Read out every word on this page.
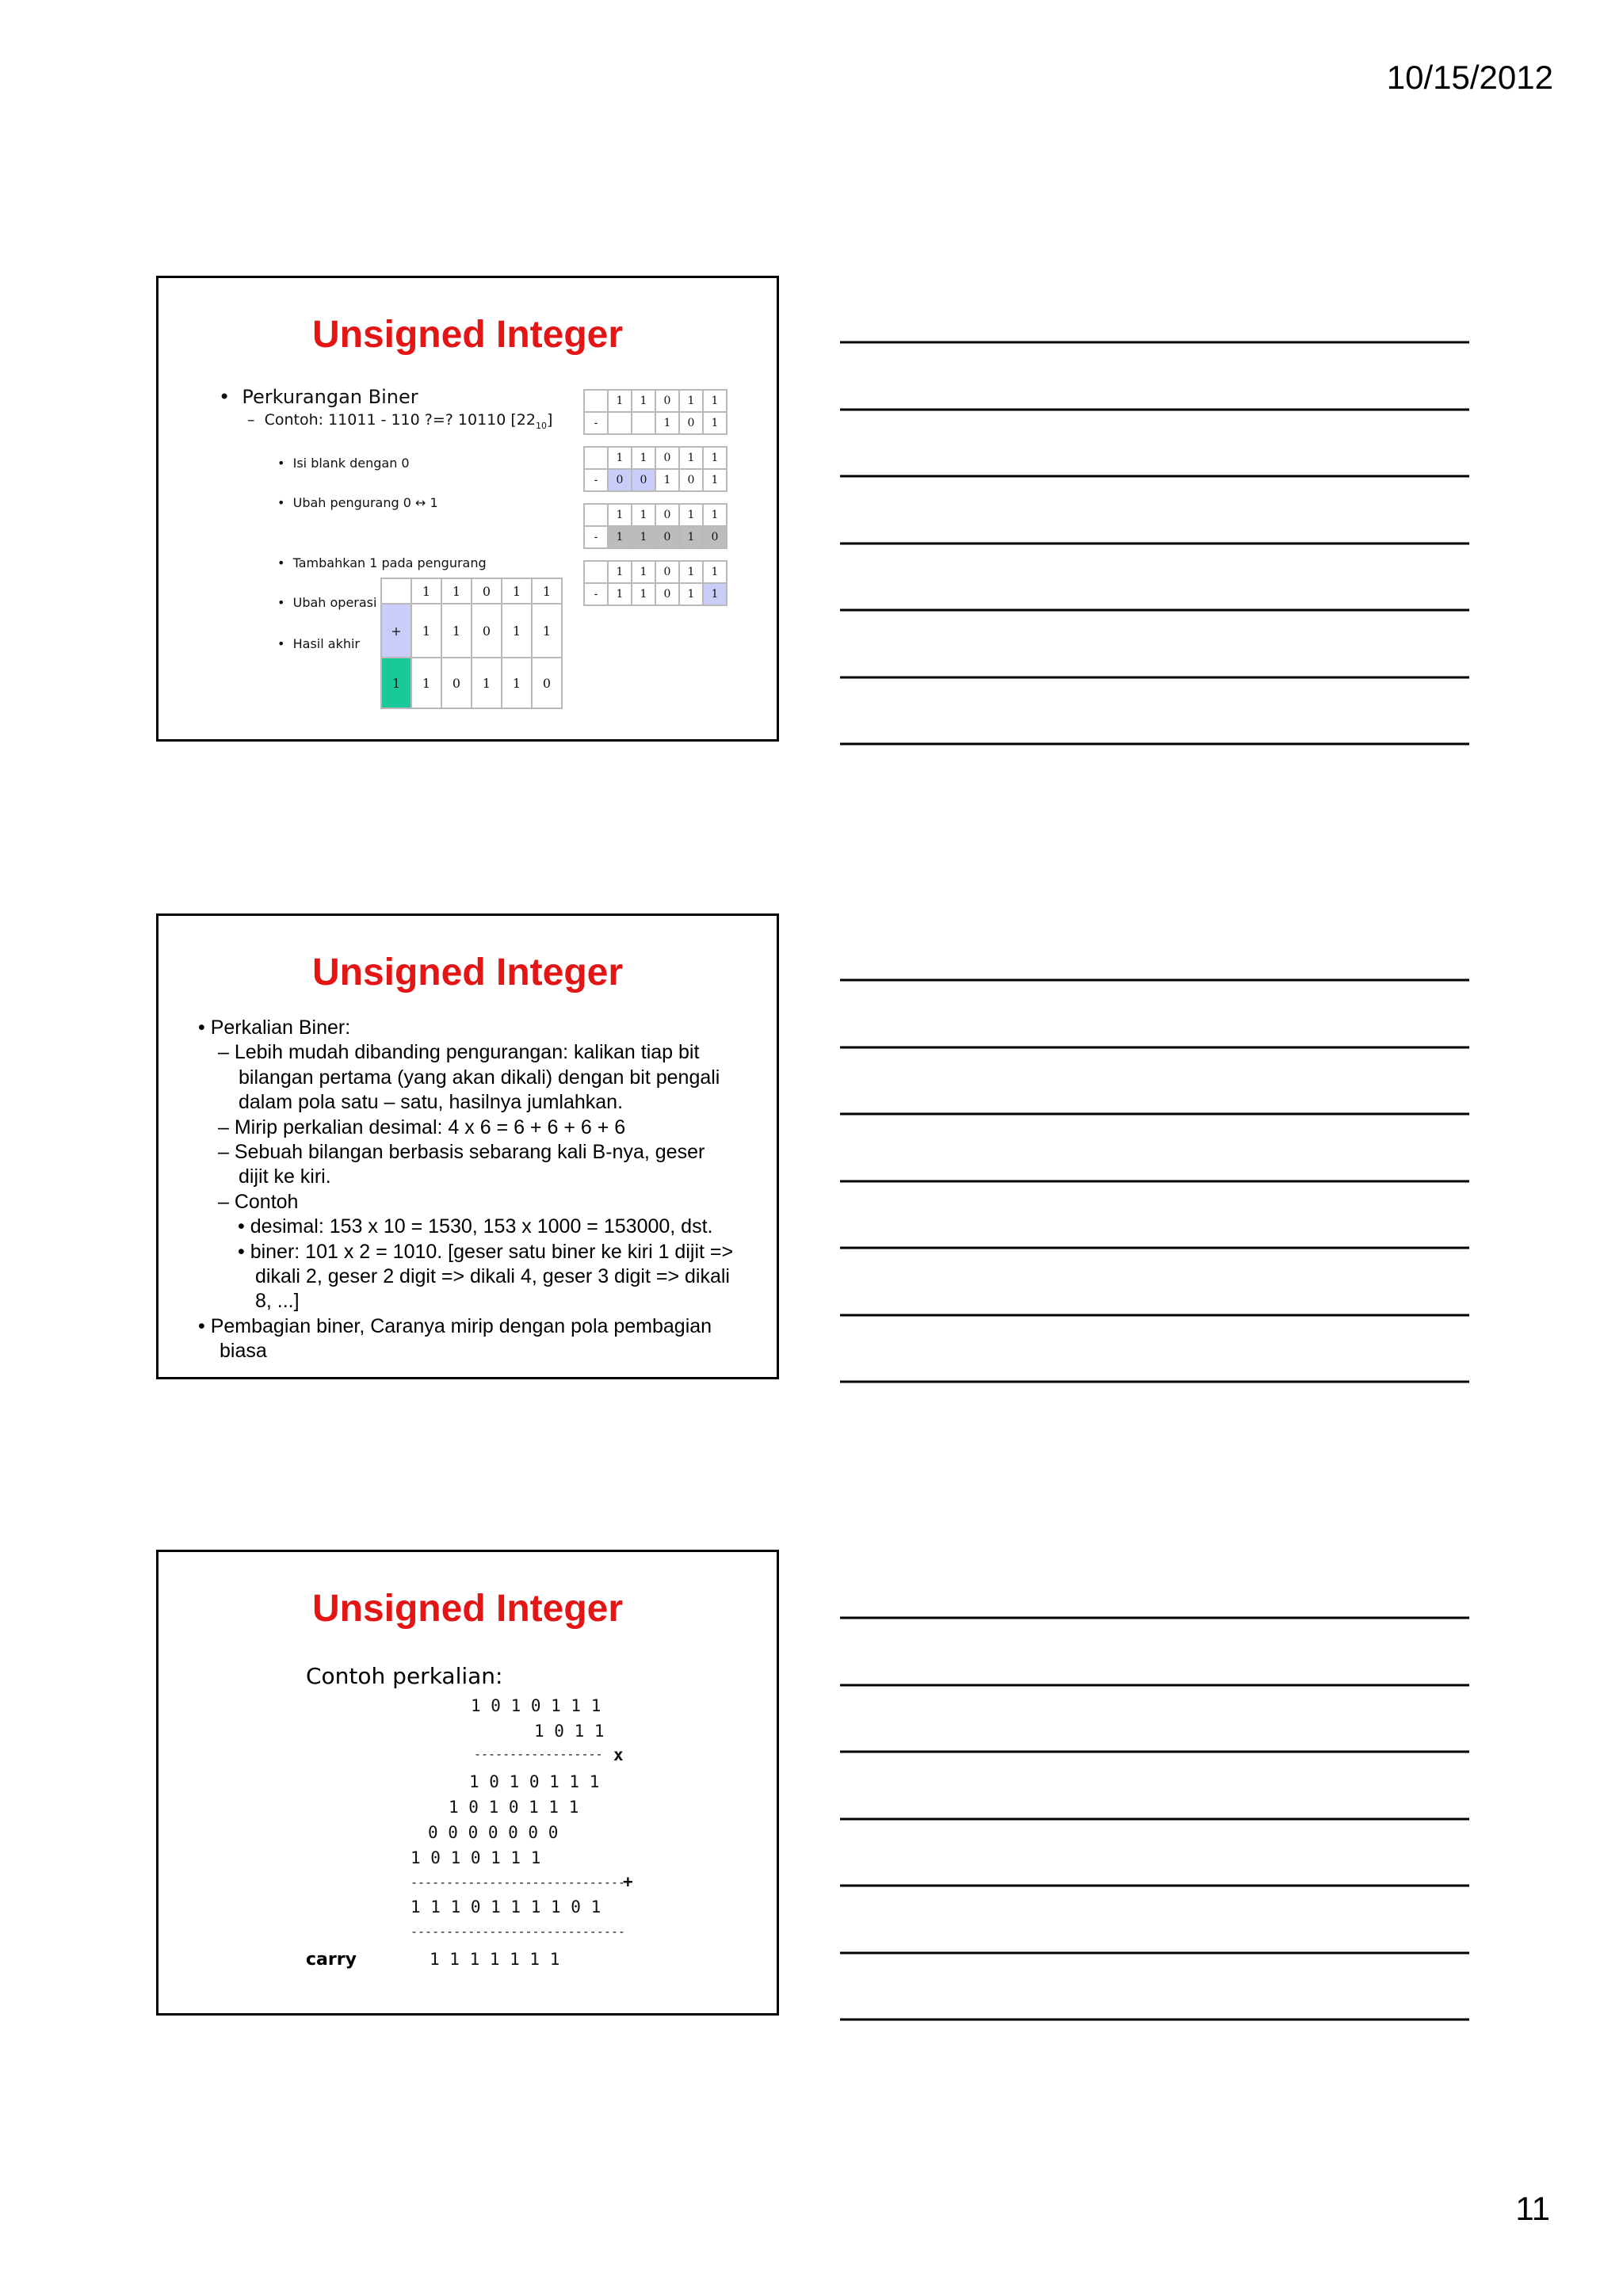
10/15/2012
Unsigned Integer
•  Perkurangan Biner
–  Contoh: 11011 - 110 ?=? 10110 $[22_{10}]$
•  Isi blank dengan 0
•  Ubah pengurang 0 ↔ 1
•  Tambahkan 1 pada pengurang
•  Ubah operasi
•  Hasil akhir
	1	1	0	1	1
-			1	0	1
	1	1	0	1	1
-	0	0	1	0	1
	1	1	0	1	1
-	1	1	0	1	0
	1	1	0	1	1
-	1	1	0	1	1
	1	1	0	1	1
+	1	1	0	1	1
1	1	0	1	1	0
Unsigned Integer
• Perkalian Biner:
– Lebih mudah dibanding pengurangan: kalikan tiap bit
bilangan pertama (yang akan dikali) dengan bit pengali
dalam pola satu – satu, hasilnya jumlahkan.
– Mirip perkalian desimal: 4 x 6 = 6 + 6 + 6 + 6
– Sebuah bilangan berbasis sebarang kali B-nya, geser
dijit ke kiri.
– Contoh
• desimal: 153 x 10 = 1530, 153 x 1000 = 153000, dst.
• biner: 101 x 2 = 1010. [geser satu biner ke kiri 1 dijit =>
dikali 2, geser 2 digit => dikali 4, geser 3 digit => dikali
8, ...]
• Pembagian biner, Caranya mirip dengan pola pembagian
biasa
Unsigned Integer
Contoh perkalian:
1 0 1 0 1 1 1
1 0 1 1
------------------ x
1 0 1 0 1 1 1
1 0 1 0 1 1 1
0 0 0 0 0 0 0
1 0 1 0 1 1 1
------------------------------
+
1 1 1 0 1 1 1 1 0 1
------------------------------
carry	1 1 1 1 1 1 1
11
